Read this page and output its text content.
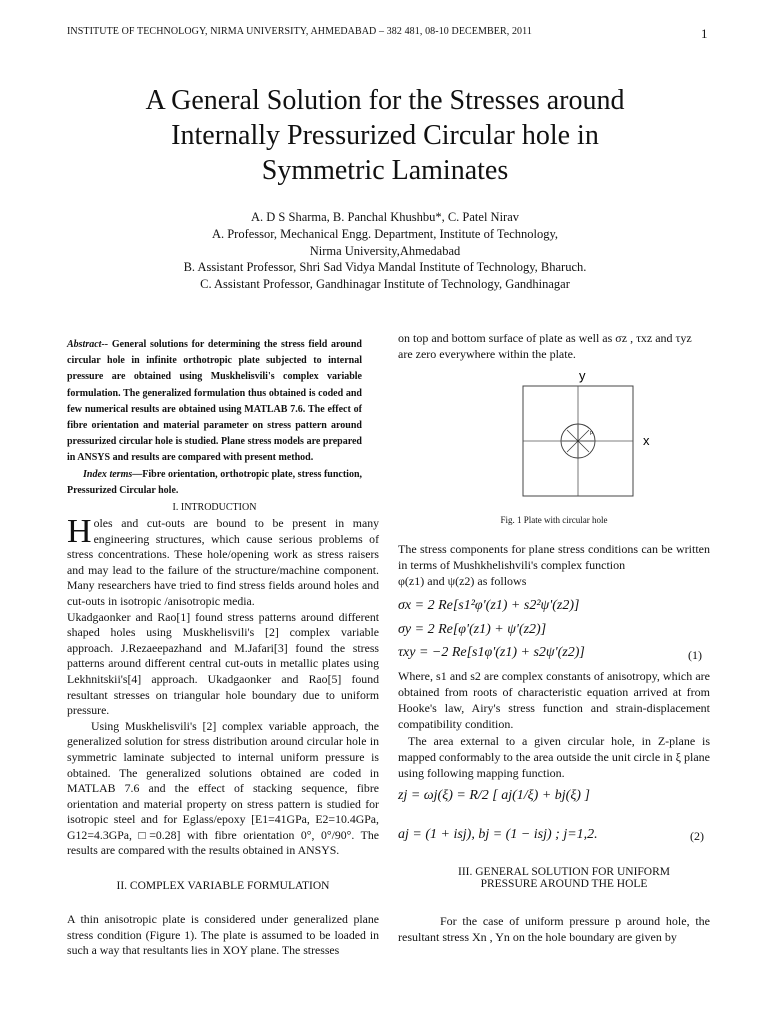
INSTITUTE OF TECHNOLOGY, NIRMA UNIVERSITY, AHMEDABAD – 382 481, 08-10 DECEMBER, 2011	1
A General Solution for the Stresses around
Internally Pressurized Circular hole in
Symmetric Laminates
A. D S Sharma, B. Panchal Khushbu*, C. Patel Nirav
A. Professor, Mechanical Engg. Department, Institute of Technology,
Nirma University,Ahmedabad
B. Assistant Professor, Shri Sad Vidya Mandal Institute of Technology, Bharuch.
C. Assistant Professor, Gandhinagar Institute of Technology, Gandhinagar
Abstract-- General solutions for determining the stress field around circular hole in infinite orthotropic plate subjected to internal pressure are obtained using Muskhelisvili's complex variable formulation. The generalized formulation thus obtained is coded and few numerical results are obtained using MATLAB 7.6. The effect of fibre orientation and material parameter on stress pattern around pressurized circular hole is studied. Plane stress models are prepared in ANSYS and results are compared with present method.
Index terms—Fibre orientation, orthotropic plate, stress function, Pressurized Circular hole.
I. INTRODUCTION

Holes and cut-outs are bound to be present in many engineering structures, which cause serious problems of stress concentrations. These hole/opening work as stress raisers and may lead to the failure of the structure/machine component. Many researchers have tried to find stress fields around holes and cut-outs in isotropic /anisotropic media.

Ukadgaonker and Rao[1] found stress patterns around different shaped holes using Muskhelisvili's [2] complex variable approach. J.Rezaeepazhand and M.Jafari[3] found the stress patterns around different central cut-outs in metallic plates using Lekhnitskii's[4] approach. Ukadgaonker and Rao[5] found resultant stresses on triangular hole boundary due to uniform pressure.

Using Muskhelisvili's [2] complex variable approach, the generalized solution for stress distribution around circular hole in symmetric laminate subjected to internal uniform pressure is obtained. The generalized solutions obtained are coded in MATLAB 7.6 and the effect of stacking sequence, fibre orientation and material property on stress pattern is studied for isotropic steel and for Eglass/epoxy [E1=41GPa, E2=10.4GPa, G12=4.3GPa, □=0.28] with fibre orientation 0°, 0°/90°. The results are compared with the results obtained in ANSYS.

II. COMPLEX VARIABLE FORMULATION
A thin anisotropic plate is considered under generalized plane stress condition (Figure 1). The plate is assumed to be loaded in such a way that resultants lies in XOY plane. The stresses

on top and bottom surface of plate as well as σz , τxz and τyz

are zero everywhere within the plate.

y
x
p
Fig. 1 Plate with circular hole

The stress components for plane stress conditions can be written in terms of Mushkhelishvili's complex function

φ(z1) and ψ(z2) as follows

σx = 2 Re[s1²φ'(z1) + s2²ψ'(z2)]
σy = 2 Re[φ'(z1) + ψ'(z2)]
τxy = −2 Re[s1φ'(z1) + s2ψ'(z2)]	(1)
Where, s1 and s2 are complex constants of anisotropy, which are obtained from roots of characteristic equation arrived at from Hooke's law, Airy's stress function and strain-displacement compatibility condition.
The area external to a given circular hole, in Z-plane is mapped conformably to the area outside the unit circle in ξ plane using following mapping function.
zj = ωj(ξ) = R/2 [ aj(1/ξ) + bj(ξ) ]
aj = (1 + isj), bj = (1 − isj) ; j=1,2.	(2)
III. GENERAL SOLUTION FOR UNIFORM
PRESSURE AROUND THE HOLE
For the case of uniform pressure p around hole, the resultant stress Xn , Yn on the hole boundary are given by
